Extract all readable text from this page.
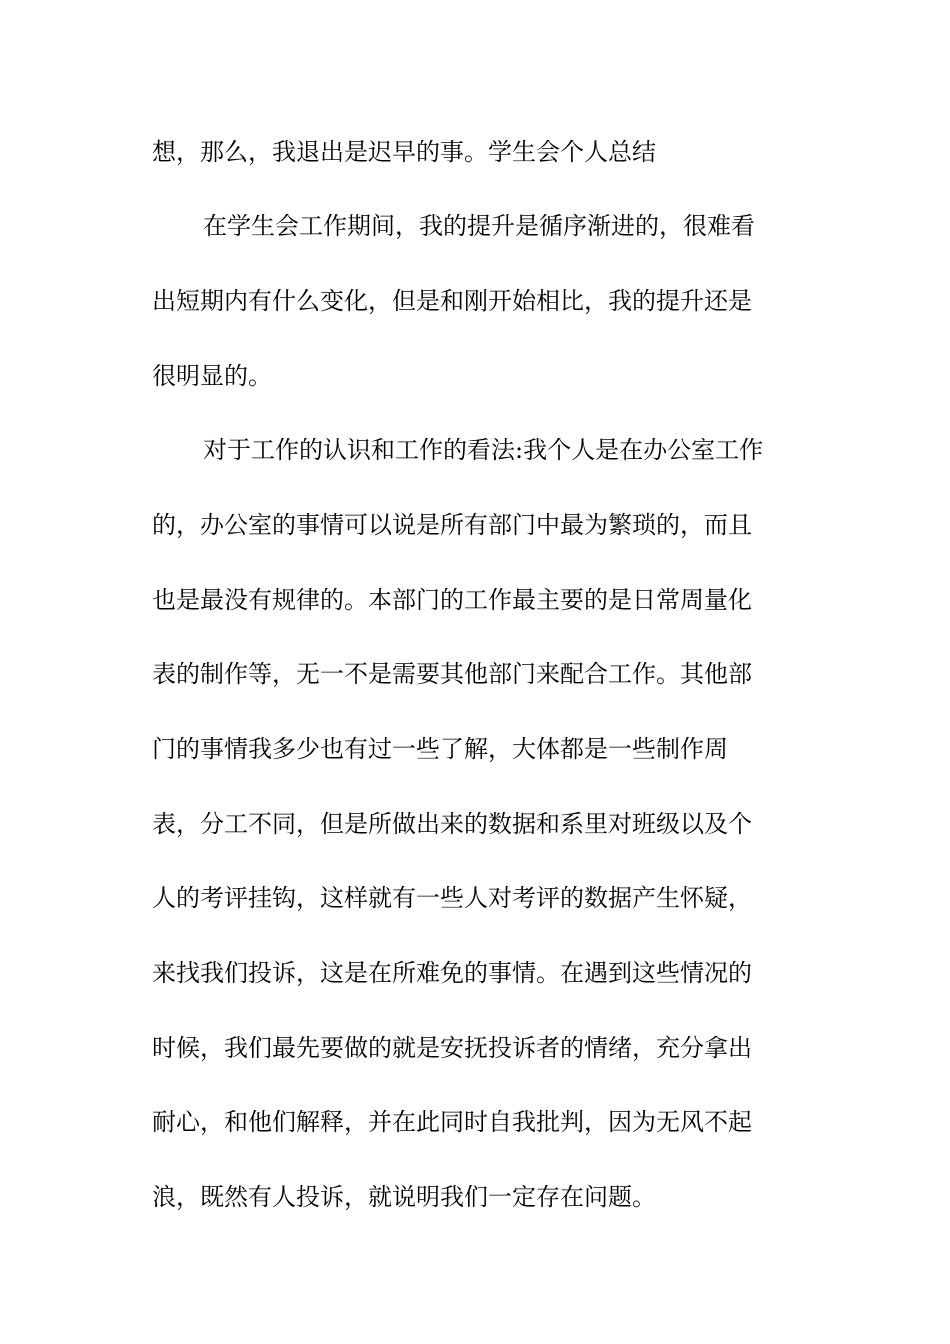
想，那么，我退出是迟早的事。学生会个人总结
在学生会工作期间，我的提升是循序渐进的，很难看
出短期内有什么变化，但是和刚开始相比，我的提升还是
很明显的。
对于工作的认识和工作的看法:我个人是在办公室工作
的，办公室的事情可以说是所有部门中最为繁琐的，而且
也是最没有规律的。本部门的工作最主要的是日常周量化
表的制作等，无一不是需要其他部门来配合工作。其他部
门的事情我多少也有过一些了解，大体都是一些制作周
表，分工不同，但是所做出来的数据和系里对班级以及个
人的考评挂钩，这样就有一些人对考评的数据产生怀疑，
来找我们投诉，这是在所难免的事情。在遇到这些情况的
时候，我们最先要做的就是安抚投诉者的情绪，充分拿出
耐心，和他们解释，并在此同时自我批判，因为无风不起
浪，既然有人投诉，就说明我们一定存在问题。
